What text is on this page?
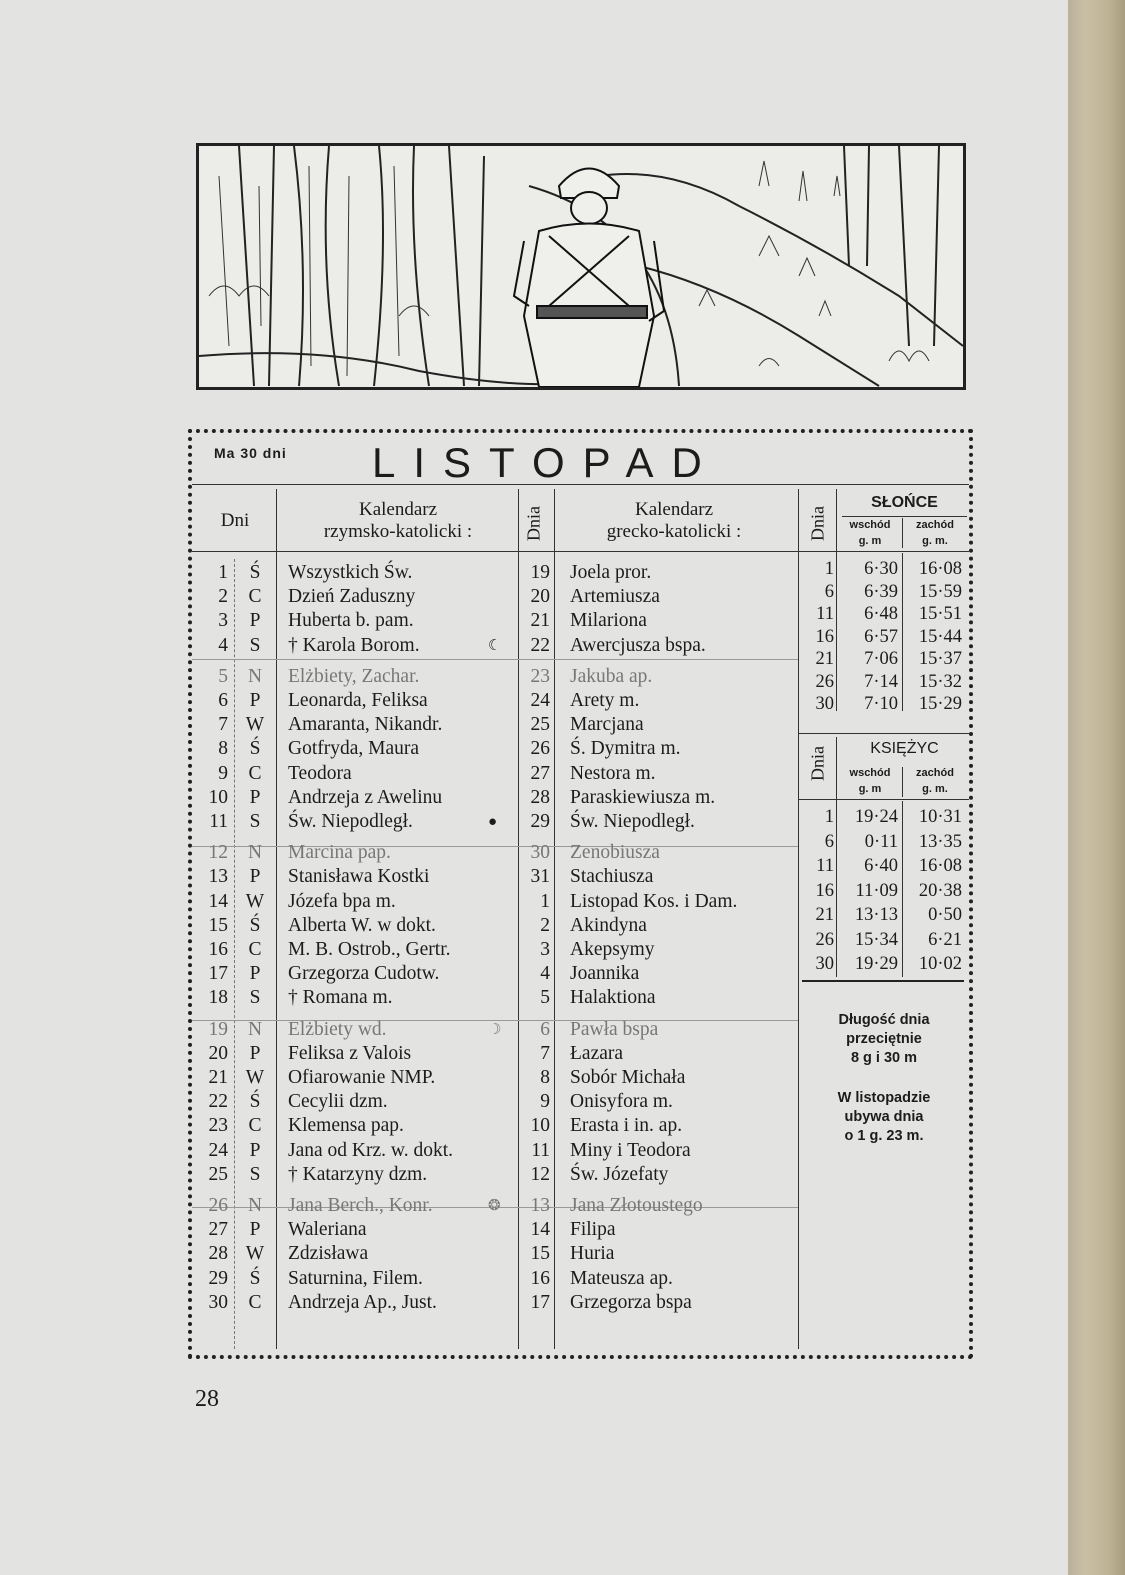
Ma 30 dni LISTOPAD
Dni
Kalendarz
rzymsko-katolicki :	Dnia	Kalendarz
grecko-katolicki :
1	Ś	Wszystkich Św.	19 Joela pror.
2	C	Dzień Zaduszny	20 Artemiusza
3	P	Huberta b. pam.	21 Milariona
4	S	† Karola Borom.	22 Awercjusza bspa.
☾
5	N	Elżbiety, Zachar.	23 Jakuba ap.
6	P	Leonarda, Feliksa	24 Arety m.
7 W	Amaranta, Nikandr.	25 Marcjana
8	Ś	Gotfryda, Maura	26 Ś. Dymitra m.
9	C	Teodora	27 Nestora m.
10	P	Andrzeja z Awelinu	28 Paraskiewiusza m.
11	S	Św. Niepodległ.	29 Św. Niepodległ.
●
12	N	Marcina pap.	30 Zenobiusza
13	P	Stanisława Kostki	31 Stachiusza
14 W	Józefa bpa m.	1 Listopad Kos. i Dam.
15	Ś	Alberta W. w dokt.	2 Akindyna
16	C	M. B. Ostrob., Gertr.	3 Akepsymy
17	P	Grzegorza Cudotw.	4 Joannika
18	S	† Romana m.	5 Halaktiona
19	N	Elżbiety wd.	6 Pawła bspa
☽
20	P	Feliksa z Valois	7 Łazara
21 W	Ofiarowanie NMP.	8 Sobór Michała
22	Ś	Cecylii dzm.	9 Onisyfora m.
23	C	Klemensa pap.	10 Erasta i in. ap.
24	P	Jana od Krz. w. dokt.	11 Miny i Teodora
25	S	† Katarzyny dzm.	12 Św. Józefaty
26	N	Jana Berch., Konr.	13 Jana Złotoustego
❂
27	P	Waleriana	14 Filipa
28 W	Zdzisława	15 Huria
29	Ś	Saturnina, Filem.	16 Mateusza ap.
30	C	Andrzeja Ap., Just.	17 Grzegorza bspa
Dnia
SŁOŃCE
wschód	zachód
g. m	g. m.
1	6·30	16·08
6	6·39	15·59
11	6·48	15·51
16	6·57	15·44
21	7·06	15·37
26	7·14	15·32
30	7·10	15·29
Dnia	KSIĘŻYC
wschód	zachód
g. m	g. m.
1	19·24	10·31
6	0·11	13·35
11	6·40	16·08
16	11·09	20·38
21	13·13	0·50
26	15·34	6·21
30	19·29	10·02
Długość dnia
przeciętnie
8 g i 30 m
W listopadzie
ubywa dnia
o 1 g. 23 m.
28
